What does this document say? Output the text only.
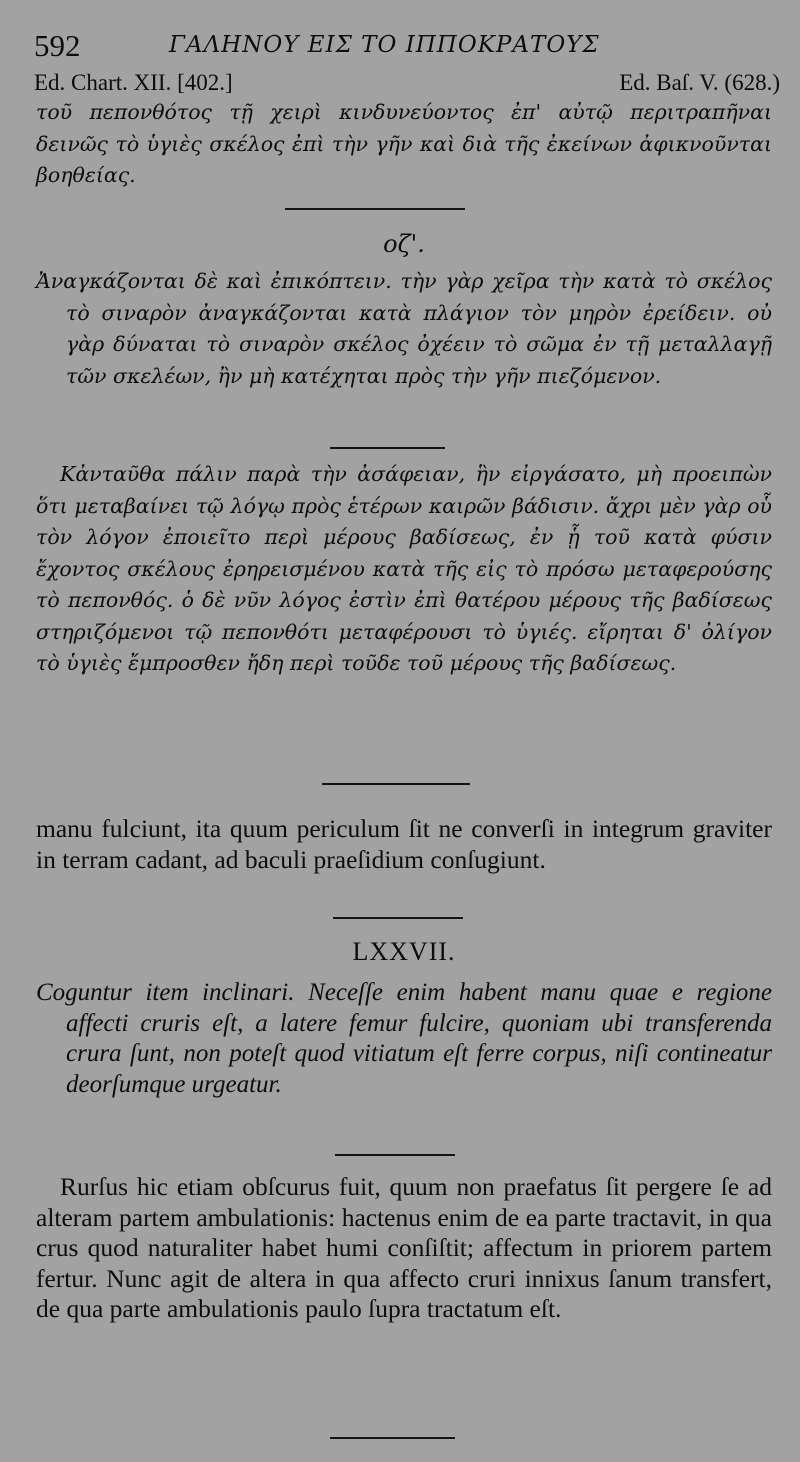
592	ΓΑΛΗΝΟΥ ΕΙΣ ΤΟ ΙΠΠΟΚΡΑΤΟΥΣ
Ed. Chart. XII. [402.]	Ed. Baſ. V. (628.)
τοῦ πεπονθότος τῇ χειρὶ κινδυνεύοντος ἐπ' αὐτῷ περιτραπῆναι δεινῶς τὸ ὑγιὲς σκέλος ἐπὶ τὴν γῆν καὶ διὰ τῆς ἐκείνων ἀφικνοῦνται βοηθείας.
οζ'.
Ἀναγκάζονται δὲ καὶ ἐπικόπτειν. τὴν γὰρ χεῖρα τὴν κατὰ τὸ σκέλος τὸ σιναρὸν ἀναγκάζονται κατὰ πλάγιον τὸν μηρὸν ἐρείδειν. οὐ γὰρ δύναται τὸ σιναρὸν σκέλος ὀχέειν τὸ σῶμα ἐν τῇ μεταλλαγῇ τῶν σκελέων, ἢν μὴ κατέχηται πρὸς τὴν γῆν πιεζόμενον.
Κἀνταῦθα πάλιν παρὰ τὴν ἀσάφειαν, ἣν εἰργάσατο, μὴ προειπὼν ὅτι μεταβαίνει τῷ λόγῳ πρὸς ἑτέρων καιρῶν βάδισιν. ἄχρι μὲν γὰρ οὗ τὸν λόγον ἐποιεῖτο περὶ μέρους βαδίσεως, ἐν ᾗ τοῦ κατὰ φύσιν ἔχοντος σκέλους ἐρηρεισμένου κατὰ τῆς εἰς τὸ πρόσω μεταφερούσης τὸ πεπονθός. ὁ δὲ νῦν λόγος ἐστὶν ἐπὶ θατέρου μέρους τῆς βαδίσεως στηριζόμενοι τῷ πεπονθότι μεταφέρουσι τὸ ὑγιές. εἴρηται δ' ὀλίγον τὸ ὑγιὲς ἔμπροσθεν ἤδη περὶ τοῦδε τοῦ μέρους τῆς βαδίσεως.
manu fulciunt, ita quum periculum ſit ne converſi in integrum graviter in terram cadant, ad baculi praeſidium conſugiunt.
LXXVII.
Coguntur item inclinari. Neceſſe enim habent manu quae e regione affecti cruris eſt, a latere femur fulcire, quoniam ubi transferenda crura ſunt, non poteſt quod vitiatum eſt ferre corpus, niſi contineatur deorſumque urgeatur.
Rurſus hic etiam obſcurus fuit, quum non praefatus ſit pergere ſe ad alteram partem ambulationis: hactenus enim de ea parte tractavit, in qua crus quod naturaliter habet humi conſiſtit; affectum in priorem partem fertur. Nunc agit de altera in qua affecto cruri innixus ſanum transfert, de qua parte ambulationis paulo ſupra tractatum eſt.
